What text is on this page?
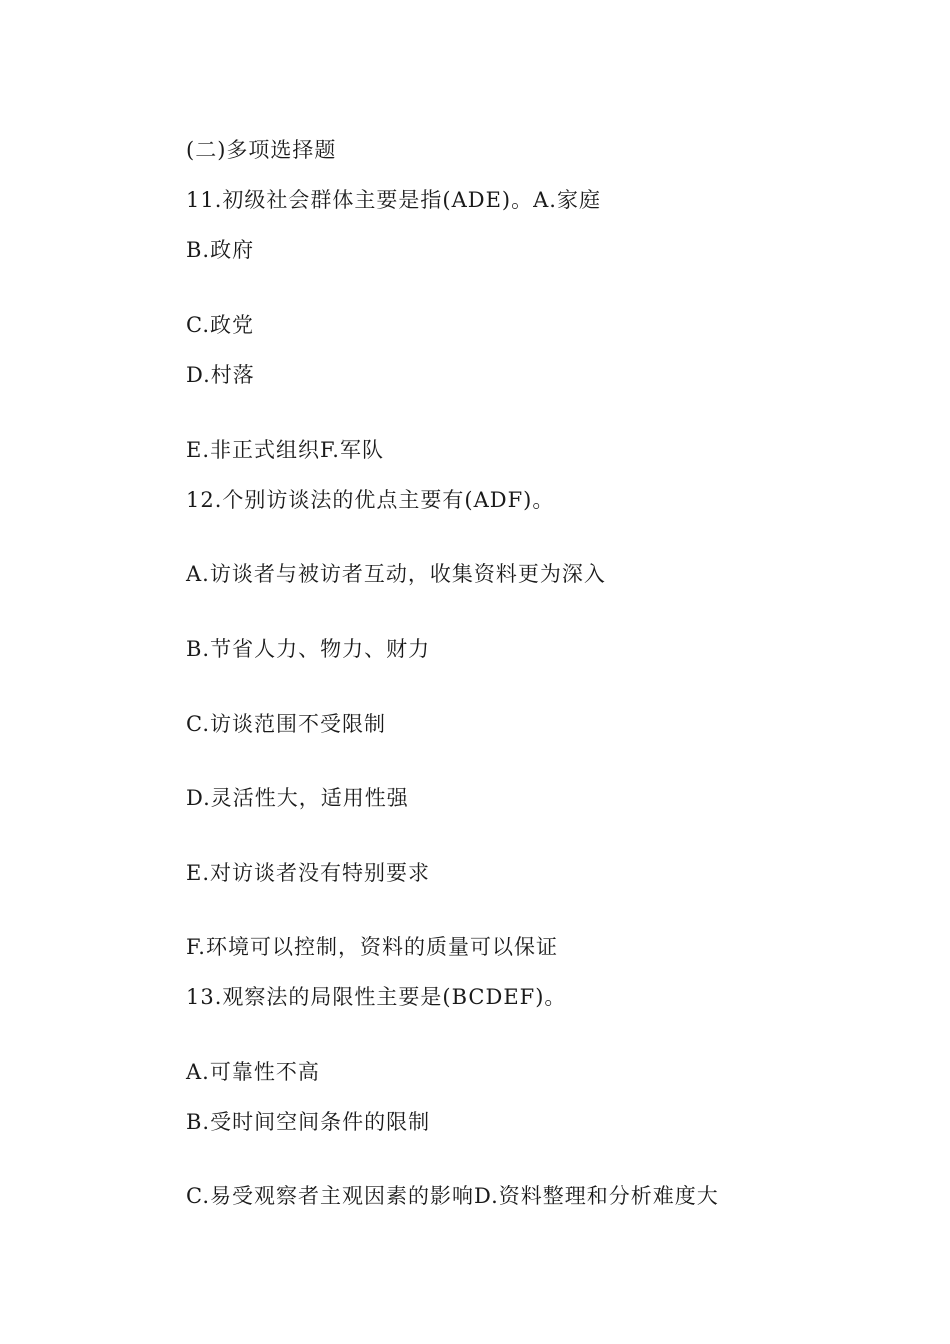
(二)多项选择题
11.初级社会群体主要是指(ADE)。A.家庭
B.政府
C.政党
D.村落
E.非正式组织F.军队
12.个别访谈法的优点主要有(ADF)。
A.访谈者与被访者互动，收集资料更为深入
B.节省人力、物力、财力
C.访谈范围不受限制
D.灵活性大，适用性强
E.对访谈者没有特别要求
F.环境可以控制，资料的质量可以保证
13.观察法的局限性主要是(BCDEF)。
A.可靠性不高
B.受时间空间条件的限制
C.易受观察者主观因素的影响D.资料整理和分析难度大
